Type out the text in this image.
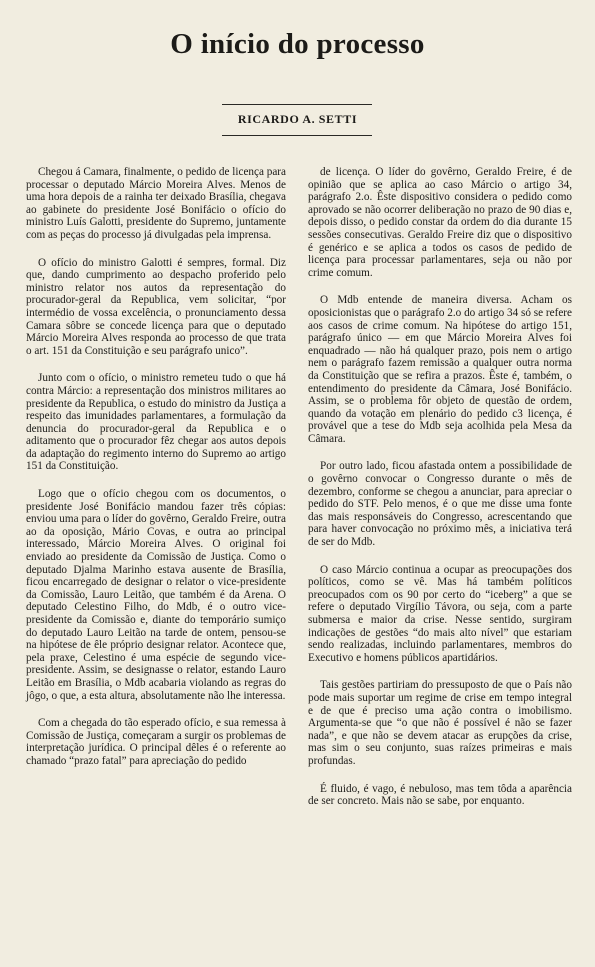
O início do processo
RICARDO A. SETTI

Chegou á Camara, finalmente, o pedido de licença para processar o deputado Márcio Moreira Alves. Menos de uma hora depois de a rainha ter deixado Brasília, chegava ao gabinete do presidente José Bonifácio o ofício do ministro Luís Galotti, presidente do Supremo, juntamente com as peças do processo já divulgadas pela imprensa.

O ofício do ministro Galotti é sempres, formal. Diz que, dando cumprimento ao despacho proferido pelo ministro relator nos autos da representação do procurador-geral da Republica, vem solicitar, “por intermédio de vossa excelência, o pronunciamento dessa Camara sôbre se concede licença para que o deputado Márcio Moreira Alves responda ao processo de que trata o art. 151 da Constituição e seu parágrafo unico”.

Junto com o ofício, o ministro remeteu tudo o que há contra Márcio: a representação dos ministros militares ao presidente da Republica, o estudo do ministro da Justiça a respeito das imunidades parlamentares, a formulação da denuncia do procurador-geral da Republica e o aditamento que o procurador fêz chegar aos autos depois da adaptação do regimento interno do Supremo ao artigo 151 da Constituição.

Logo que o ofício chegou com os documentos, o presidente José Bonifácio mandou fazer três cópias: enviou uma para o líder do govêrno, Geraldo Freire, outra ao da oposição, Mário Covas, e outra ao principal interessado, Márcio Moreira Alves. O original foi enviado ao presidente da Comissão de Justiça. Como o deputado Djalma Marinho estava ausente de Brasília, ficou encarregado de designar o relator o vice-presidente da Comissão, Lauro Leitão, que também é da Arena. O deputado Celestino Filho, do Mdb, é o outro vice-presidente da Comissão e, diante do temporário sumiço do deputado Lauro Leitão na tarde de ontem, pensou-se na hipótese de êle próprio designar relator. Acontece que, pela praxe, Celestino é uma espécie de segundo vice-presidente. Assim, se designasse o relator, estando Lauro Leitão em Brasília, o Mdb acabaria violando as regras do jôgo, o que, a esta altura, absolutamente não lhe interessa.

Com a chegada do tão esperado ofício, e sua remessa à Comissão de Justiça, começaram a surgir os problemas de interpretação jurídica. O principal dêles é o referente ao chamado “prazo fatal” para apreciação do pedido

de licença. O líder do govêrno, Geraldo Freire, é de opinião que se aplica ao caso Márcio o artigo 34, parágrafo 2.o. Êste dispositivo considera o pedido como aprovado se não ocorrer deliberação no prazo de 90 dias e, depois disso, o pedido constar da ordem do dia durante 15 sessões consecutivas. Geraldo Freire diz que o dispositivo é genérico e se aplica a todos os casos de pedido de licença para processar parlamentares, seja ou não por crime comum.

O Mdb entende de maneira diversa. Acham os oposicionistas que o parágrafo 2.o do artigo 34 só se refere aos casos de crime comum. Na hipótese do artigo 151, parágrafo único — em que Márcio Moreira Alves foi enquadrado — não há qualquer prazo, pois nem o artigo nem o parágrafo fazem remissão a qualquer outra norma da Constituição que se refira a prazos. Êste é, também, o entendimento do presidente da Câmara, José Bonifácio. Assim, se o problema fôr objeto de questão de ordem, quando da votação em plenário do pedido c3 licença, é provável que a tese do Mdb seja acolhida pela Mesa da Câmara.

Por outro lado, ficou afastada ontem a possibilidade de o govêrno convocar o Congresso durante o mês de dezembro, conforme se chegou a anunciar, para apreciar o pedido do STF. Pelo menos, é o que me disse uma fonte das mais responsáveis do Congresso, acrescentando que para haver convocação no próximo mês, a iniciativa terá de ser do Mdb.

O caso Márcio continua a ocupar as preocupações dos políticos, como se vê. Mas há também políticos preocupados com os 90 por certo do “iceberg” a que se refere o deputado Virgílio Távora, ou seja, com a parte submersa e maior da crise. Nesse sentido, surgiram indicações de gestões “do mais alto nível” que estariam sendo realizadas, incluindo parlamentares, membros do Executivo e homens públicos apartidários.

Tais gestões partiriam do pressuposto de que o País não pode mais suportar um regime de crise em tempo integral e de que é preciso uma ação contra o imobilismo. Argumenta-se que “o que não é possível é não se fazer nada”, e que não se devem atacar as erupções da crise, mas sim o seu conjunto, suas raízes primeiras e mais profundas.

É fluido, é vago, é nebuloso, mas tem tôda a aparência de ser concreto. Mais não se sabe, por enquanto.
